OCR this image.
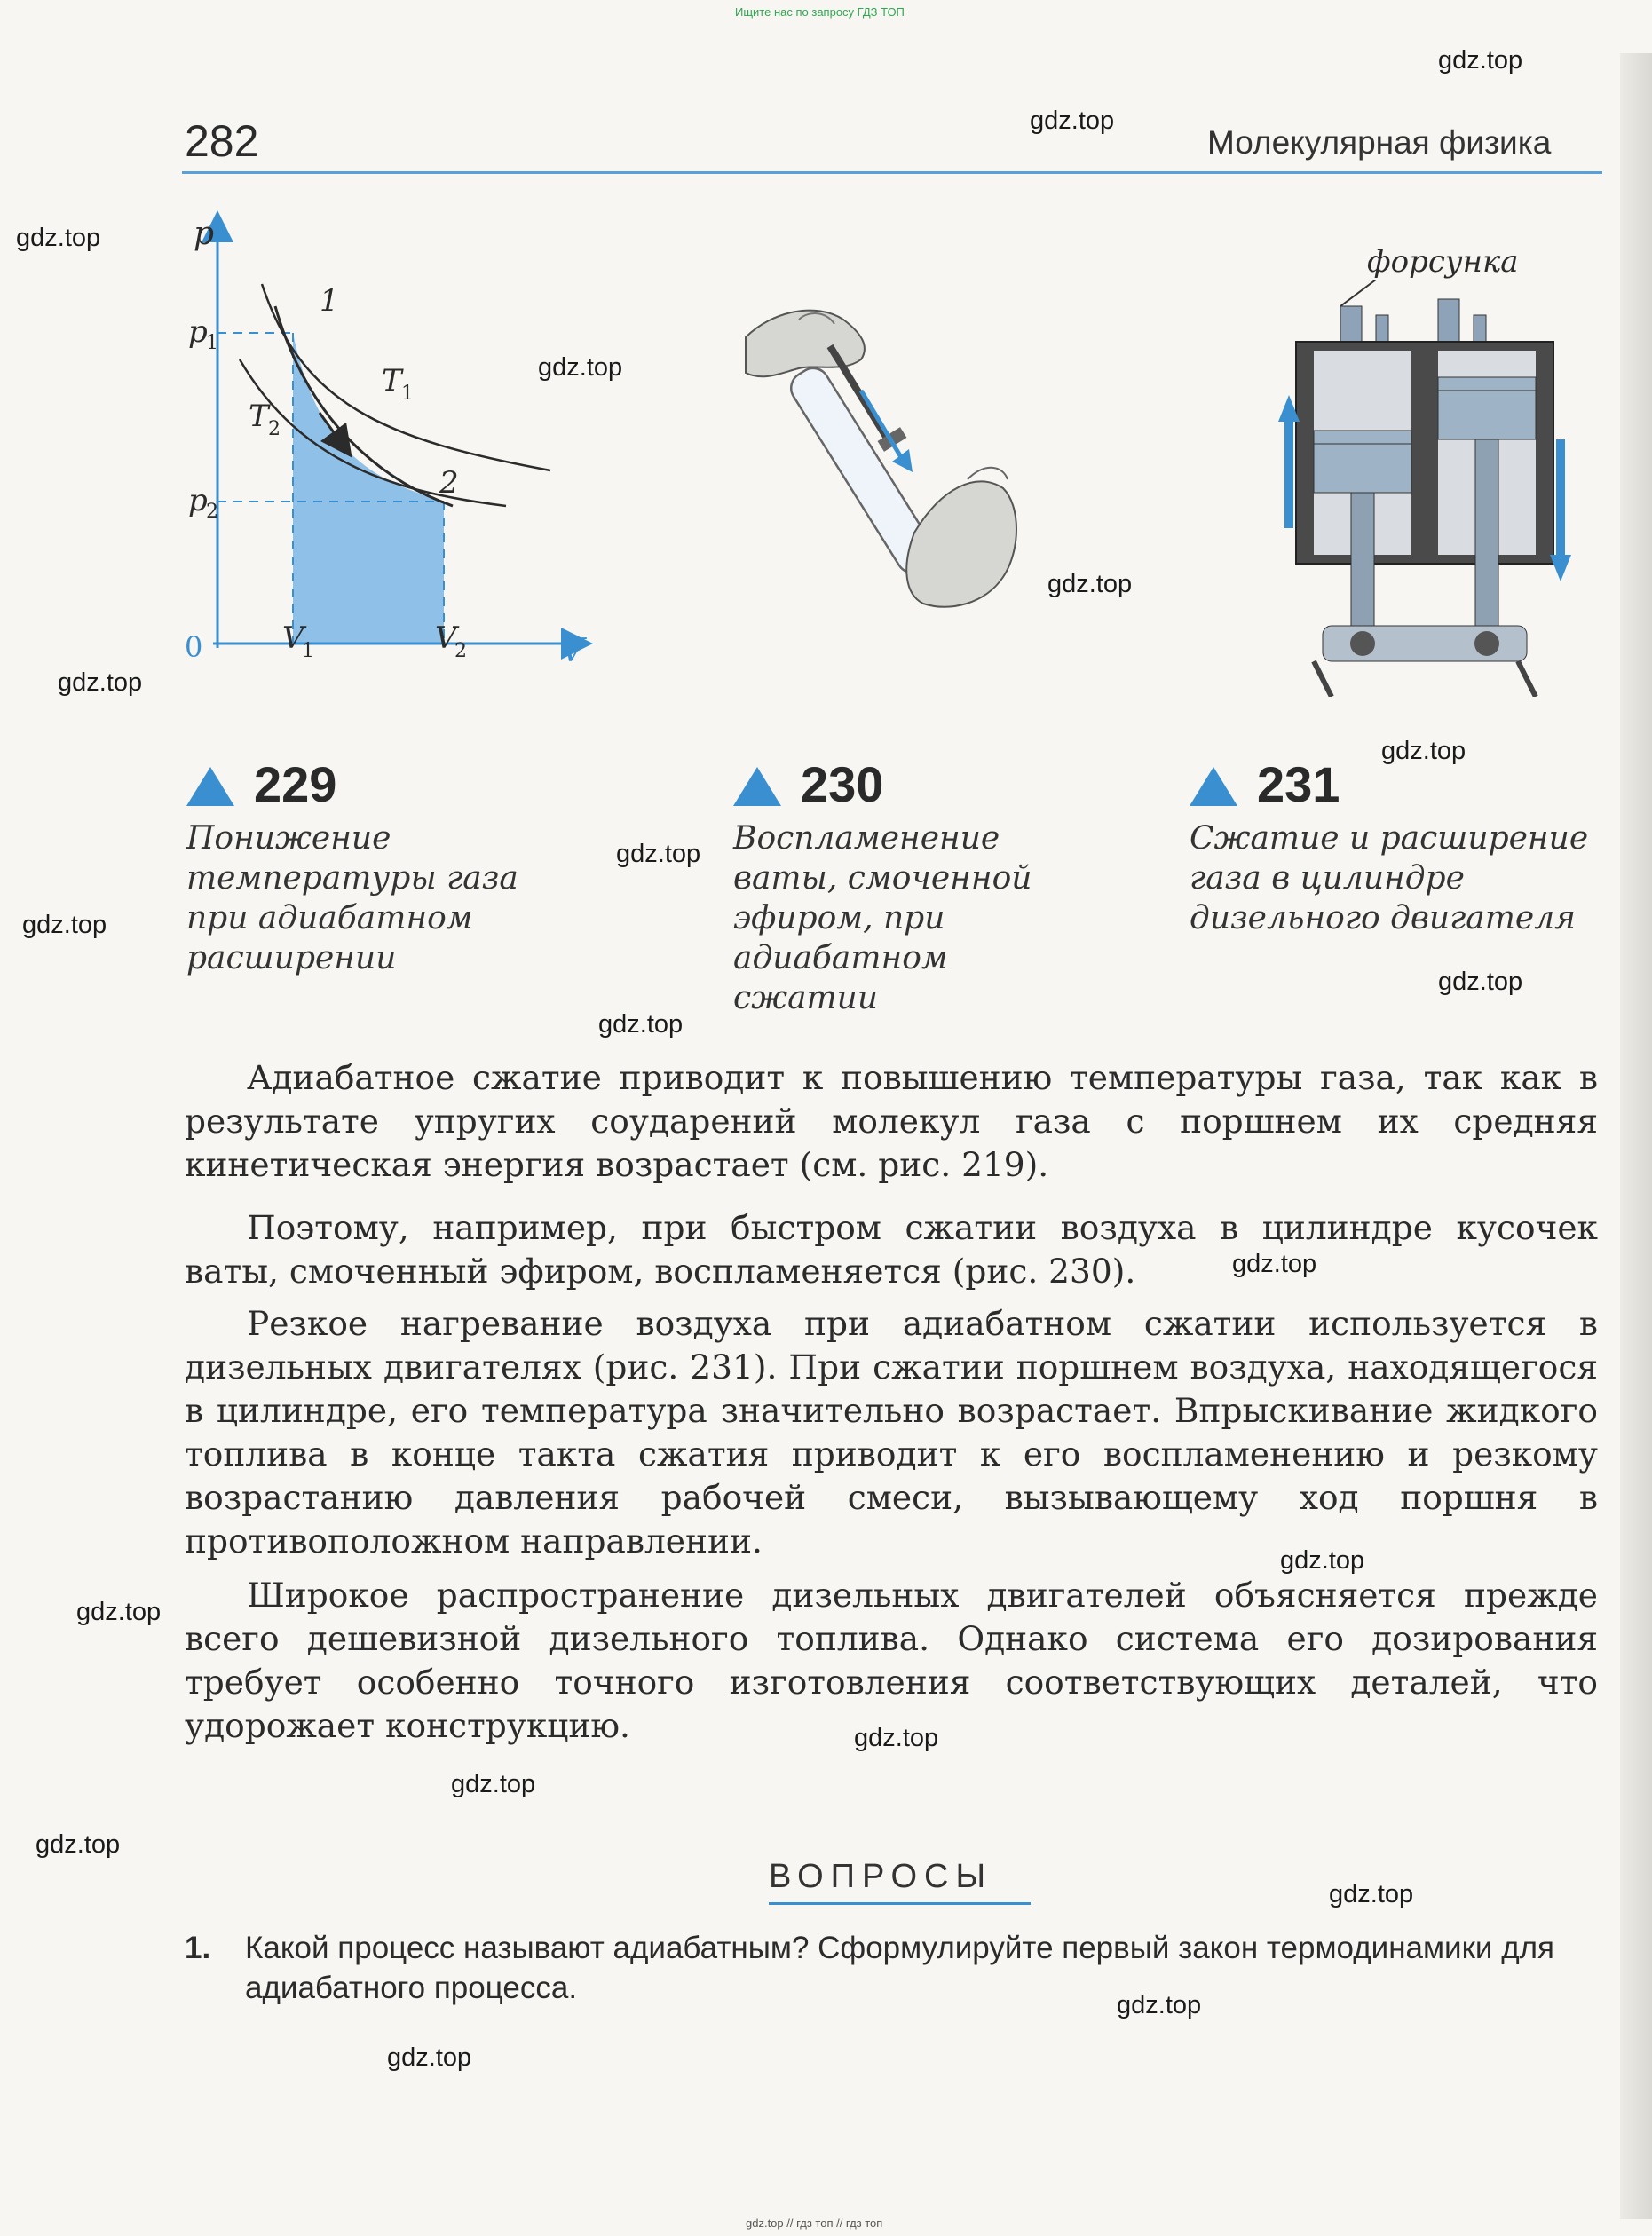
Ищите нас по запросу ГДЗ ТОП
gdz.top // гдз топ // гдз топ
282	Молекулярная физика
p
V
0
p
1
p
2
V
1	V
2
1
2
T 1
T 2
форсунка
229
Понижение
температуры газа
при адиабатном
расширении
230
Воспламенение
ваты, смоченной
эфиром, при
адиабатном
сжатии
231
Сжатие и расширение
газа в цилиндре
дизельного двигателя

Адиабатное сжатие приводит к повышению температуры газа, так как в результате упругих соударений молекул газа с поршнем их средняя кинетическая энергия возрастает (см. рис. 219).

Поэтому, например, при быстром сжатии воздуха в цилиндре кусочек ваты, смоченный эфиром, воспламеняется (рис. 230).

Резкое нагревание воздуха при адиабатном сжатии используется в дизельных двигателях (рис. 231). При сжатии поршнем воздуха, находящегося в цилиндре, его температура значительно возрастает. Впрыскивание жидкого топлива в конце такта сжатия приводит к его воспламенению и резкому возрастанию давления рабочей смеси, вызывающему ход поршня в противоположном направлении.

Широкое распространение дизельных двигателей объясняется прежде всего дешевизной дизельного топлива. Однако система его дозирования требует особенно точного изготовления соответствующих деталей, что удорожает конструкцию.

ВОПРОСЫ
1. Какой процесс называют адиабатным? Сформулируйте первый закон термодинамики для адиабатного процесса.
gdz.top
gdz.top
gdz.top
gdz.top
gdz.top
gdz.top
gdz.top
gdz.top
gdz.top
gdz.top
gdz.top
gdz.top
gdz.top
gdz.top
gdz.top
gdz.top
gdz.top
gdz.top
gdz.top
gdz.top
